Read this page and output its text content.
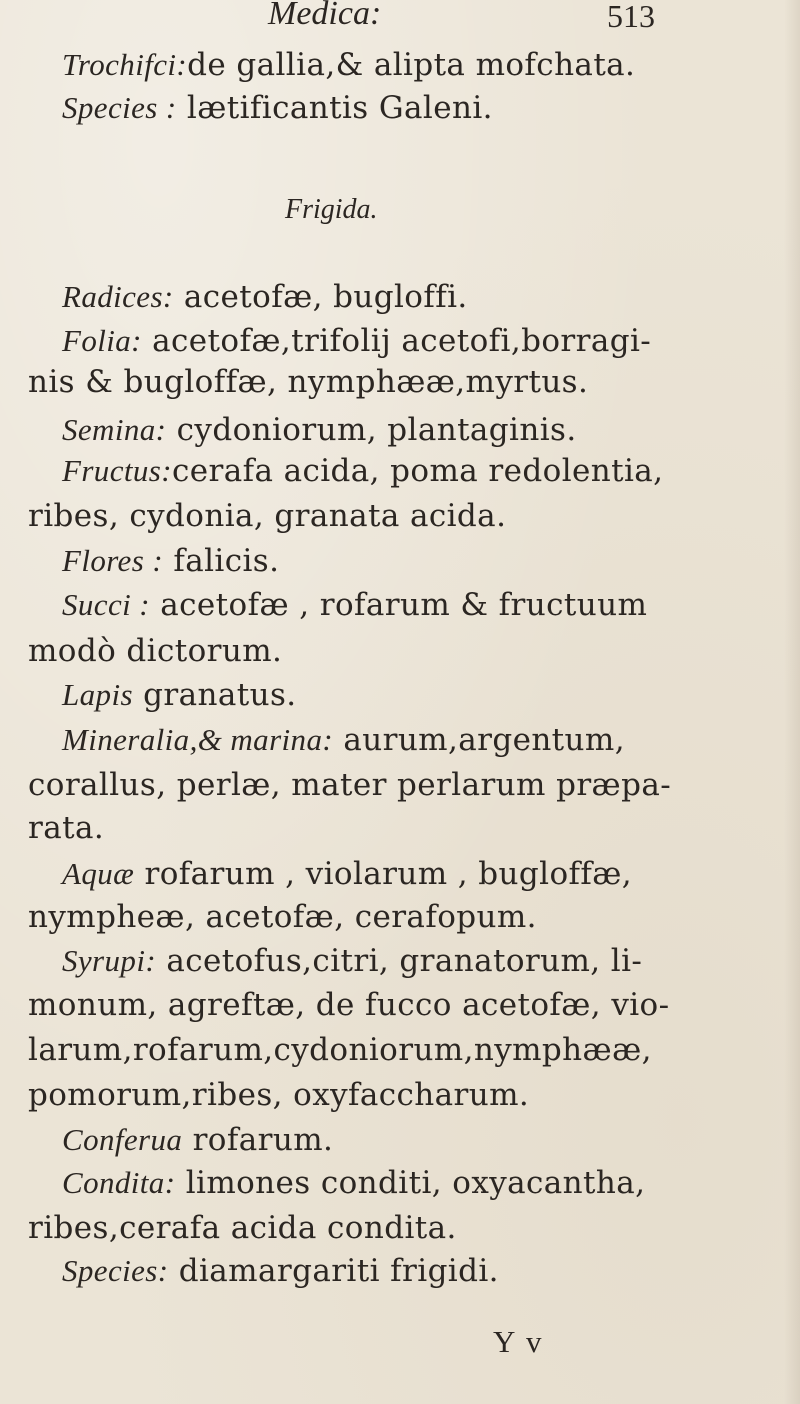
Medica:	513
Trochifci:de gallia,& alipta mofchata.
Species : lætificantis Galeni.
Frigida.
Radices: acetofæ, bugloffi.
Folia: acetofæ,trifolij acetofi,borragi-
nis & bugloffæ, nymphææ,myrtus.
Semina: cydoniorum, plantaginis.
Fructus:cerafa acida, poma redolentia,
ribes, cydonia, granata acida.
Flores : falicis.
Succi : acetofæ , rofarum & fructuum
modò dictorum.
Lapis granatus.
Mineralia,& marina: aurum,argentum,
corallus, perlæ, mater perlarum præpa-
rata.
Aquæ rofarum , violarum , bugloffæ,
nymphеæ, acetofæ, cerafорum.
Syrupi: acetofus,citri, granatorum, li-
monum, agreftæ, de fucco acetofæ, vio-
larum,rofarum,cydoniorum,nymphææ,
pomorum,ribes, oxyfaccharum.
Conferua rofarum.
Condita: limones conditi, oxyacantha,
ribes,cerafa acida condita.
Species: diamargariti frigidi.
Y v
